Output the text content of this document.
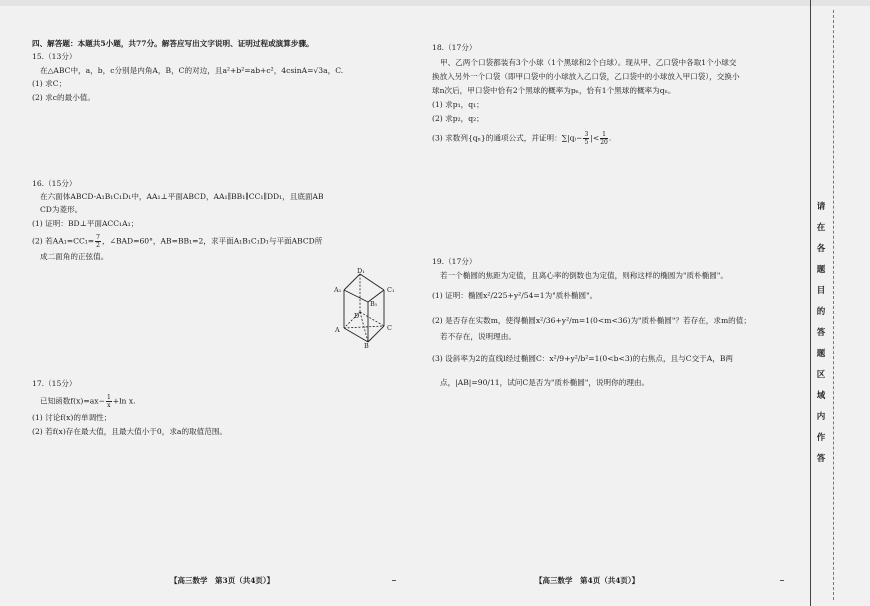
四、解答题：本题共5小题，共77分。解答应写出文字说明、证明过程或演算步骤。
15.（13分）
在△ABC中，a，b，c分别是内角A，B，C的对边，且a²+b²=ab+c²，4csinA=√3a，C.
(1) 求C；
(2) 求c的最小值。
16.（15分）
在六面体ABCD-A₁B₁C₁D₁中，AA₁⊥平面ABCD，AA₁∥BB₁∥CC₁∥DD₁，且底面AB
CD为菱形。
(1) 证明：BD⊥平面ACC₁A₁；
(2) 若$AA_1=CC_1= \frac{7}{2}$ ，∠BAD=60°，AB=BB₁=2，求平面A₁B₁C₁D₁与平面ABCD所
成二面角的正弦值。
17.（15分）
已知函数$f(x)=ax- \frac{1}{x} +\ln$ x.
(1) 讨论f(x)的单调性；
(2) 若f(x)存在最大值，且最大值小于0，求a的取值范围。
D₁
A₁	C₁
B₁
D
A	C
B
18.（17分）
甲、乙两个口袋都装有3个小球（1个黑球和2个白球）。现从甲、乙口袋中各取1个小球交
换放入另外一个口袋（即甲口袋中的小球放入乙口袋，乙口袋中的小球放入甲口袋），交换小
球n次后，甲口袋中恰有2个黑球的概率为pₙ，恰有1个黑球的概率为qₙ。
(1) 求p₁，q₁；
(2) 求p₂，q₂；
(3) 求数列{qₙ}的通项公式，并证明：∑|qᵢ− $\frac{3}{5}$ |< $\frac{1}{20}$ .
19.（17分）
若一个椭圆的焦距为定值，且离心率的倒数也为定值，则称这样的椭圆为"质朴椭圆"。
(1) 证明：椭圆x²/225+y²/54=1为"质朴椭圆"。
(2) 是否存在实数m，使得椭圆x²/36+y²/m=1(0<m<36)为"质朴椭圆"？若存在，求m的值；
若不存在，说明理由。
(3) 设斜率为2的直线l经过椭圆C：x²/9+y²/b²=1(0<b<3)的右焦点，且与C交于A，B两
点，|AB|=90/11，试问C是否为"质朴椭圆"，说明你的理由。
【高三数学　第3页（共4页）】	【高三数学　第4页（共4页）】
请
在
各
题
目
的
答
题
区
域
内
作
答
